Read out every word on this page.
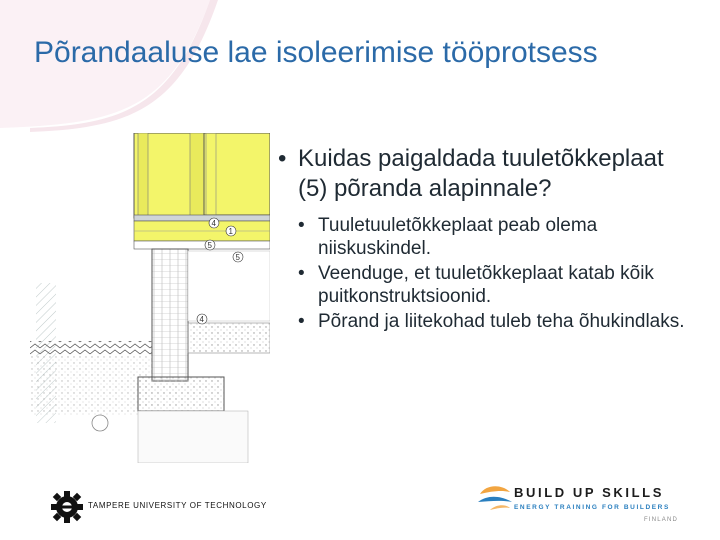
Põrandaaluse lae isoleerimise tööprotsess
4
1
5
5
4
• Kuidas paigaldada tuuletõkkeplaat (5) põranda alapinnale?
• Tuuletuuletõkkeplaat peab olema niiskuskindel.
• Veenduge, et tuuletõkkeplaat katab kõik puitkonstruktsioonid.
• Põrand ja liitekohad tuleb teha õhukindlaks.
TAMPERE UNIVERSITY OF TECHNOLOGY
BUILD UP SKILLS
ENERGY TRAINING FOR BUILDERS
FINLAND
